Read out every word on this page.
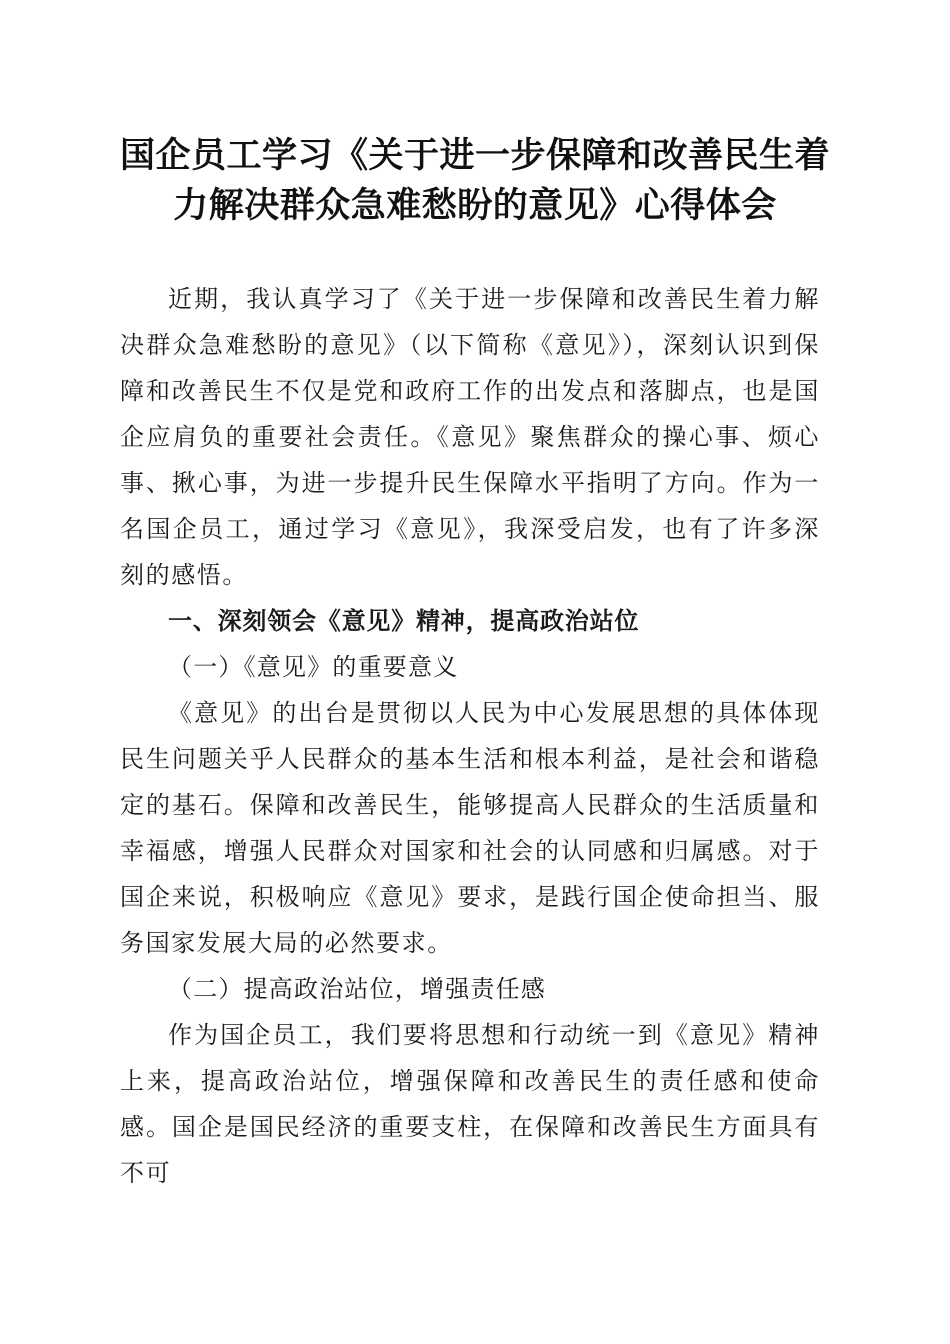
国企员工学习《关于进一步保障和改善民生着
力解决群众急难愁盼的意见》心得体会

近期，我认真学习了《关于进一步保障和改善民生着力解决群众急难愁盼的意见》（以下简称《意见》），深刻认识到保障和改善民生不仅是党和政府工作的出发点和落脚点，也是国企应肩负的重要社会责任。《意见》聚焦群众的操心事、烦心事、揪心事，为进一步提升民生保障水平指明了方向。作为一名国企员工，通过学习《意见》，我深受启发，也有了许多深刻的感悟。

一、深刻领会《意见》精神，提高政治站位

（一）《意见》的重要意义

《意见》的出台是贯彻以人民为中心发展思想的具体体现民生问题关乎人民群众的基本生活和根本利益，是社会和谐稳定的基石。保障和改善民生，能够提高人民群众的生活质量和幸福感，增强人民群众对国家和社会的认同感和归属感。对于国企来说，积极响应《意见》要求，是践行国企使命担当、服务国家发展大局的必然要求。

（二）提高政治站位，增强责任感

作为国企员工，我们要将思想和行动统一到《意见》精神上来，提高政治站位，增强保障和改善民生的责任感和使命感。国企是国民经济的重要支柱，在保障和改善民生方面具有不可
